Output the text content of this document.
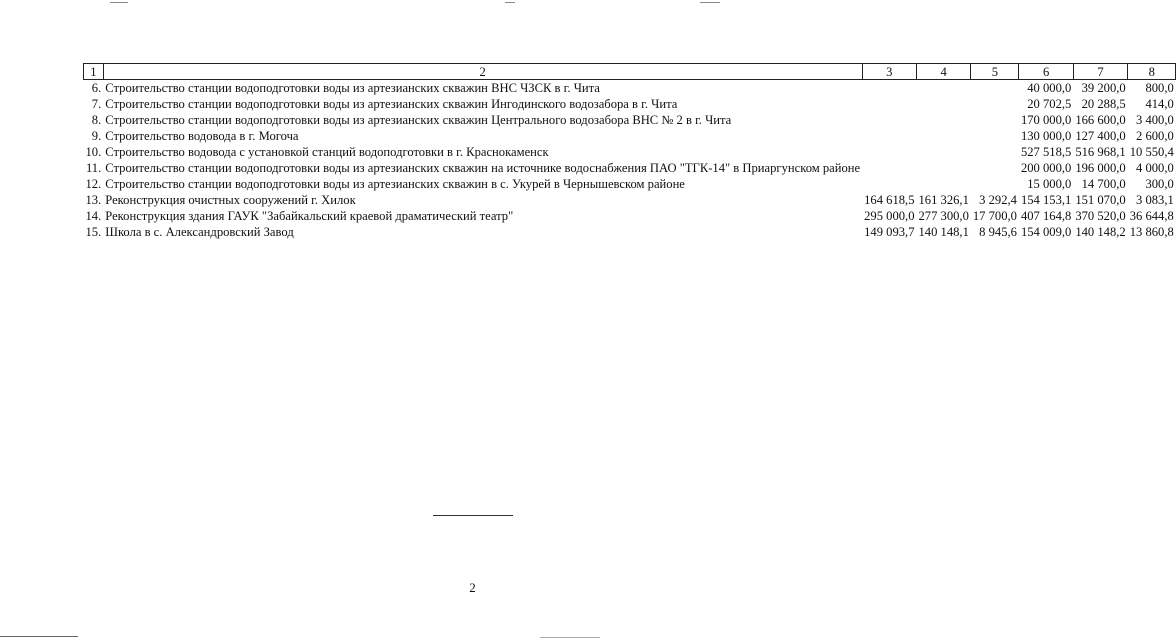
1	2	3	4	5	6	7	8
6.	Строительство станции водоподготовки воды из артезианских скважин ВНС ЧЗСК в г. Чита				40 000,0	39 200,0	800,0
7.	Строительство станции водоподготовки воды из артезианских скважин Ингодинского водозабора в г. Чита				20 702,5	20 288,5	414,0
8.	Строительство станции водоподготовки воды из артезианских скважин Центрального водозабора ВНС № 2 в г. Чита				170 000,0	166 600,0	3 400,0
9.	Строительство водовода в г. Могоча				130 000,0	127 400,0	2 600,0
10.	Строительство водовода с установкой станций водоподготовки в г. Краснокаменск				527 518,5	516 968,1	10 550,4
11.	Строительство станции водоподготовки воды из артезианских скважин на источнике водоснабжения ПАО "ТГК-14" в Приаргунском районе				200 000,0	196 000,0	4 000,0
12.	Строительство станции водоподготовки воды из артезианских скважин в с. Укурей в Чернышевском районе				15 000,0	14 700,0	300,0
13.	Реконструкция очистных сооружений г. Хилок	164 618,5	161 326,1	3 292,4	154 153,1	151 070,0	3 083,1
14.	Реконструкция здания ГАУК "Забайкальский краевой драматический театр"	295 000,0	277 300,0	17 700,0	407 164,8	370 520,0	36 644,8
15.	Школа в с. Александровский Завод	149 093,7	140 148,1	8 945,6	154 009,0	140 148,2	13 860,8
2
